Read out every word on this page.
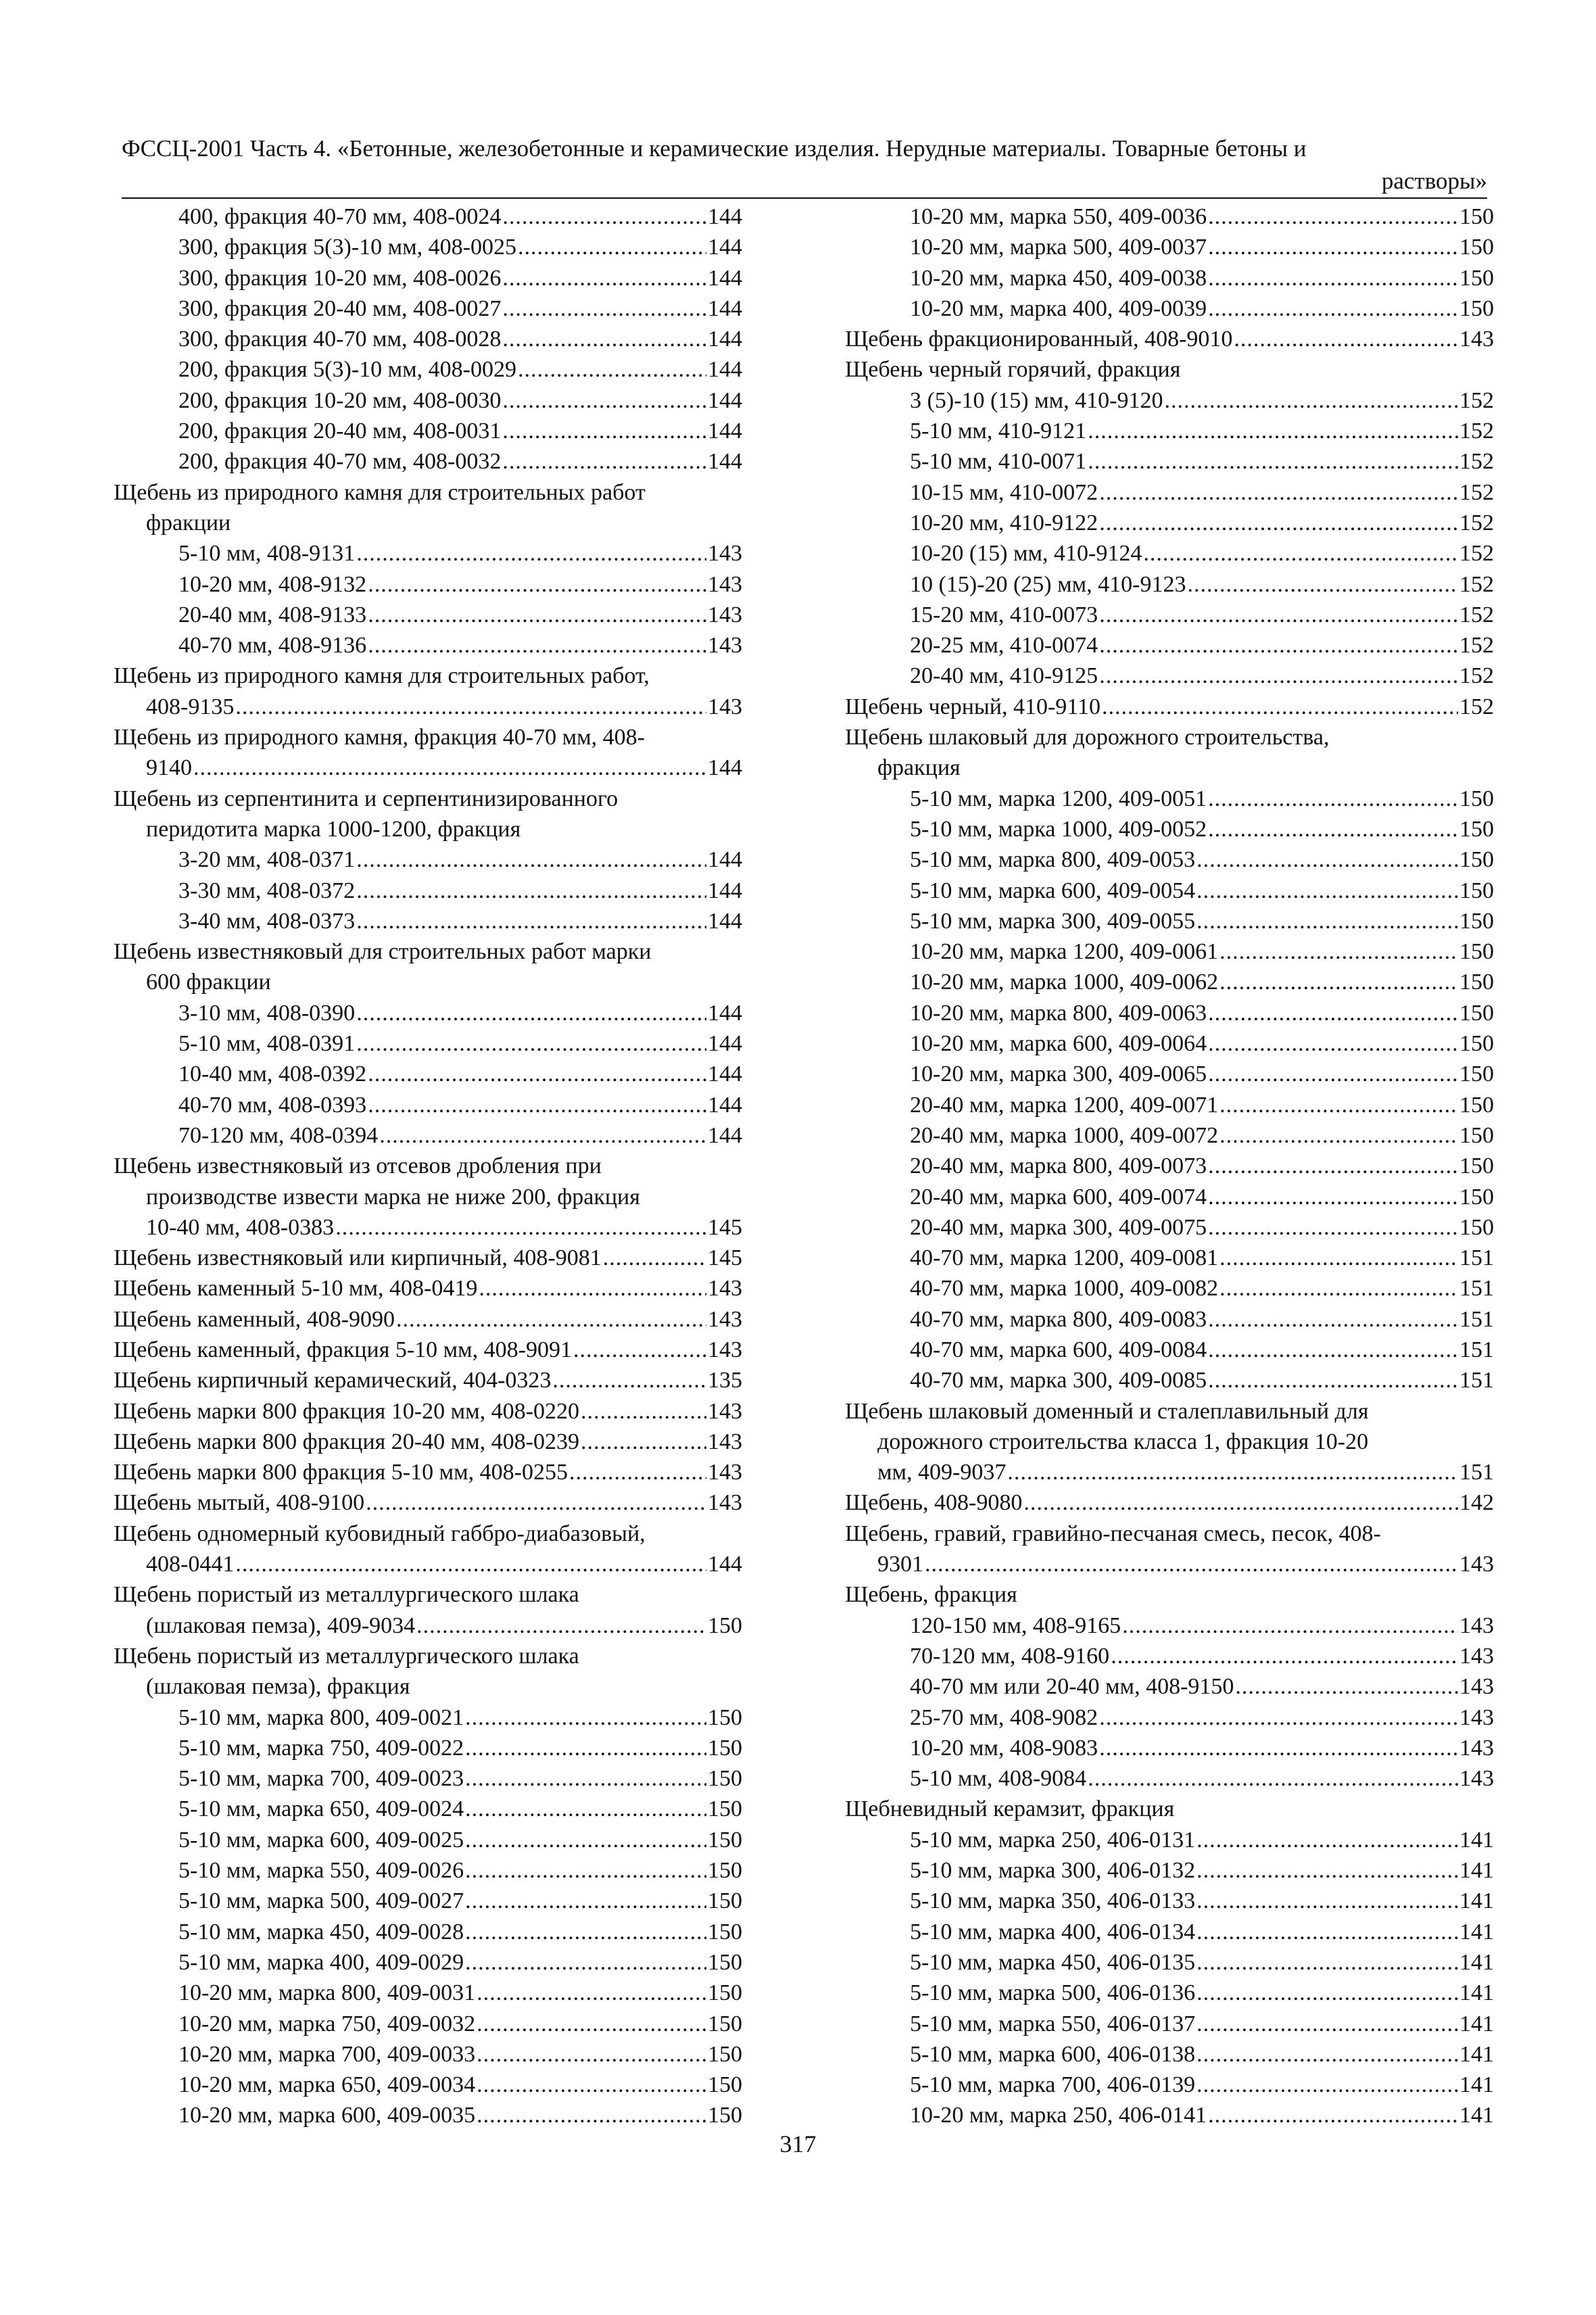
ФССЦ-2001 Часть 4. «Бетонные, железобетонные и керамические изделия. Нерудные материалы. Товарные бетоны и
растворы»
400, фракция 40-70 мм, 408-0024 .....	144
300, фракция 5(3)-10 мм, 408-0025 .....	144
300, фракция 10-20 мм, 408-0026 .....	144
300, фракция 20-40 мм, 408-0027 .....	144
300, фракция 40-70 мм, 408-0028 .....	144
200, фракция 5(3)-10 мм, 408-0029 .....	144
200, фракция 10-20 мм, 408-0030 .....	144
200, фракция 20-40 мм, 408-0031 .....	144
200, фракция 40-70 мм, 408-0032 .....	144
Щебень из природного камня для строительных работ
фракции
5-10 мм, 408-9131 .....	143
10-20 мм, 408-9132 .....	143
20-40 мм, 408-9133 .....	143
40-70 мм, 408-9136 .....	143
Щебень из природного камня для строительных работ,
408-9135 .....	143
Щебень из природного камня, фракция 40-70 мм, 408-
9140 .....	144
Щебень из серпентинита и серпентинизированного
перидотита марка 1000-1200, фракция
3-20 мм, 408-0371 .....	144
3-30 мм, 408-0372 .....	144
3-40 мм, 408-0373 .....	144
Щебень известняковый для строительных работ марки
600 фракции
3-10 мм, 408-0390 .....	144
5-10 мм, 408-0391 .....	144
10-40 мм, 408-0392 .....	144
40-70 мм, 408-0393 .....	144
70-120 мм, 408-0394 .....	144
Щебень известняковый из отсевов дробления при
производстве извести марка не ниже 200, фракция
10-40 мм, 408-0383 .....	145
Щебень известняковый или кирпичный, 408-9081 .....	145
Щебень каменный 5-10 мм, 408-0419 .....	143
Щебень каменный, 408-9090 .....	143
Щебень каменный, фракция 5-10 мм, 408-9091 .....	143
Щебень кирпичный керамический, 404-0323 .....	135
Щебень марки 800 фракция 10-20 мм, 408-0220 .....	143
Щебень марки 800 фракция 20-40 мм, 408-0239 .....	143
Щебень марки 800 фракция 5-10 мм, 408-0255 .....	143
Щебень мытый, 408-9100 .....	143
Щебень одномерный кубовидный габбро-диабазовый,
408-0441 .....	144
Щебень пористый из металлургического шлака
(шлаковая пемза), 409-9034 .....	150
Щебень пористый из металлургического шлака
(шлаковая пемза), фракция
5-10 мм, марка 800, 409-0021 .....	150
5-10 мм, марка 750, 409-0022 .....	150
5-10 мм, марка 700, 409-0023 .....	150
5-10 мм, марка 650, 409-0024 .....	150
5-10 мм, марка 600, 409-0025 .....	150
5-10 мм, марка 550, 409-0026 .....	150
5-10 мм, марка 500, 409-0027 .....	150
5-10 мм, марка 450, 409-0028 .....	150
5-10 мм, марка 400, 409-0029 .....	150
10-20 мм, марка 800, 409-0031 .....	150
10-20 мм, марка 750, 409-0032 .....	150
10-20 мм, марка 700, 409-0033 .....	150
10-20 мм, марка 650, 409-0034 .....	150
10-20 мм, марка 600, 409-0035 .....	150
10-20 мм, марка 550, 409-0036 .....	150
10-20 мм, марка 500, 409-0037 .....	150
10-20 мм, марка 450, 409-0038 .....	150
10-20 мм, марка 400, 409-0039 .....	150
Щебень фракционированный, 408-9010 .....	143
Щебень черный горячий, фракция
3 (5)-10 (15) мм, 410-9120 .....	152
5-10 мм, 410-9121 .....	152
5-10 мм, 410-0071 .....	152
10-15 мм, 410-0072 .....	152
10-20 мм, 410-9122 .....	152
10-20 (15) мм, 410-9124 .....	152
10 (15)-20 (25) мм, 410-9123 .....	152
15-20 мм, 410-0073 .....	152
20-25 мм, 410-0074 .....	152
20-40 мм, 410-9125 .....	152
Щебень черный, 410-9110 .....	152
Щебень шлаковый для дорожного строительства,
фракция
5-10 мм, марка 1200, 409-0051 .....	150
5-10 мм, марка 1000, 409-0052 .....	150
5-10 мм, марка 800, 409-0053 .....	150
5-10 мм, марка 600, 409-0054 .....	150
5-10 мм, марка 300, 409-0055 .....	150
10-20 мм, марка 1200, 409-0061 .....	150
10-20 мм, марка 1000, 409-0062 .....	150
10-20 мм, марка 800, 409-0063 .....	150
10-20 мм, марка 600, 409-0064 .....	150
10-20 мм, марка 300, 409-0065 .....	150
20-40 мм, марка 1200, 409-0071 .....	150
20-40 мм, марка 1000, 409-0072 .....	150
20-40 мм, марка 800, 409-0073 .....	150
20-40 мм, марка 600, 409-0074 .....	150
20-40 мм, марка 300, 409-0075 .....	150
40-70 мм, марка 1200, 409-0081 .....	151
40-70 мм, марка 1000, 409-0082 .....	151
40-70 мм, марка 800, 409-0083 .....	151
40-70 мм, марка 600, 409-0084 .....	151
40-70 мм, марка 300, 409-0085 .....	151
Щебень шлаковый доменный и сталеплавильный для
дорожного строительства класса 1, фракция 10-20
мм, 409-9037 .....	151
Щебень, 408-9080 .....	142
Щебень, гравий, гравийно-песчаная смесь, песок, 408-
9301 .....	143
Щебень, фракция
120-150 мм, 408-9165 .....	143
70-120 мм, 408-9160 .....	143
40-70 мм или 20-40 мм, 408-9150 .....	143
25-70 мм, 408-9082 .....	143
10-20 мм, 408-9083 .....	143
5-10 мм, 408-9084 .....	143
Щебневидный керамзит, фракция
5-10 мм, марка 250, 406-0131 .....	141
5-10 мм, марка 300, 406-0132 .....	141
5-10 мм, марка 350, 406-0133 .....	141
5-10 мм, марка 400, 406-0134 .....	141
5-10 мм, марка 450, 406-0135 .....	141
5-10 мм, марка 500, 406-0136 .....	141
5-10 мм, марка 550, 406-0137 .....	141
5-10 мм, марка 600, 406-0138 .....	141
5-10 мм, марка 700, 406-0139 .....	141
10-20 мм, марка 250, 406-0141 .....	141
317
